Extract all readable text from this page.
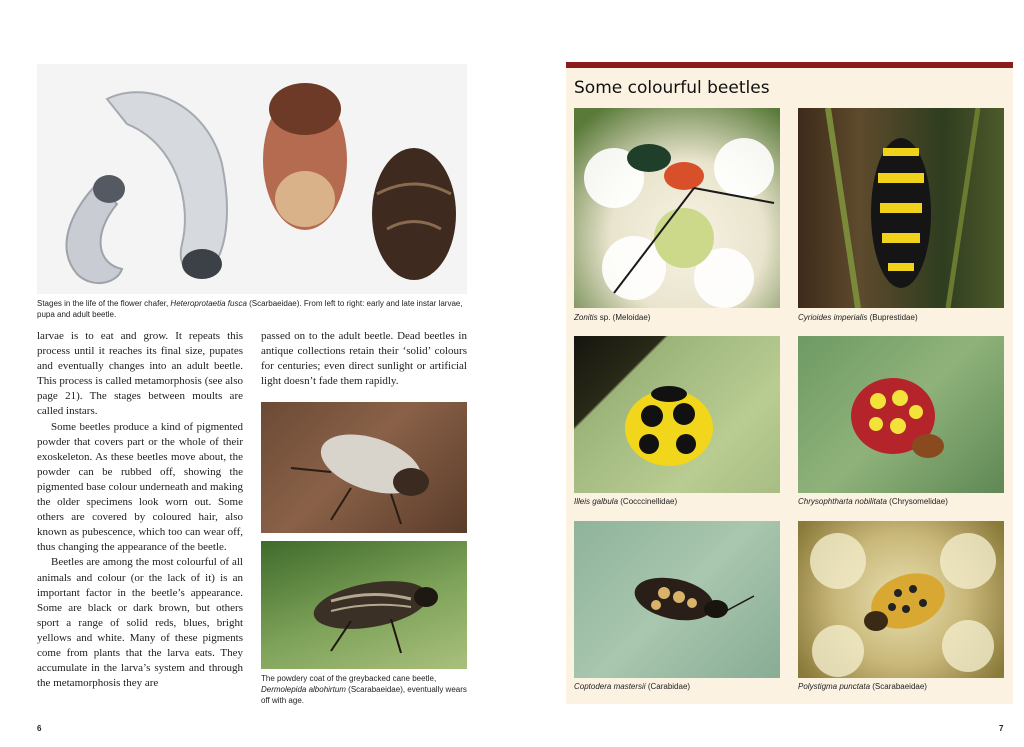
Stages in the life of the flower chafer, Heteroprotaetia fusca (Scarbaeidae). From left to right: early and late instar larvae, pupa and adult beetle.

larvae is to eat and grow. It repeats this process until it reaches its final size, pupates and eventually changes into an adult beetle. This process is called metamorphosis (see also page 21). The stages between moults are called instars.

Some beetles produce a kind of pigmented powder that covers part or the whole of their exoskeleton. As these beetles move about, the powder can be rubbed off, showing the pigmented base colour underneath and making the older specimens look worn out. Some others are covered by coloured hair, also known as pubescence, which too can wear off, thus changing the appearance of the beetle.

Beetles are among the most colourful of all animals and colour (or the lack of it) is an important factor in the beetle’s appearance. Some are black or dark brown, but others sport a range of solid reds, blues, bright yellows and white. Many of these pigments come from plants that the larva eats. They accumulate in the larva’s system and through the metamorphosis they are

passed on to the adult beetle. Dead beetles in antique collections retain their ‘solid’ colours for centuries; even direct sunlight or artificial light doesn’t fade them rapidly.

The powdery coat of the greybacked cane beetle, Dermolepida albohirtum (Scarabaeidae), eventually wears off with age.
6
Some colourful beetles
Zonitis sp. (Meloidae)	Cyrioides imperialis (Buprestidae)
Illeis galbula (Cocccinellidae)	Chrysophtharta nobilitata (Chrysomelidae)
Coptodera mastersii (Carabidae)	Polystigma punctata (Scarabaeidae)
7
